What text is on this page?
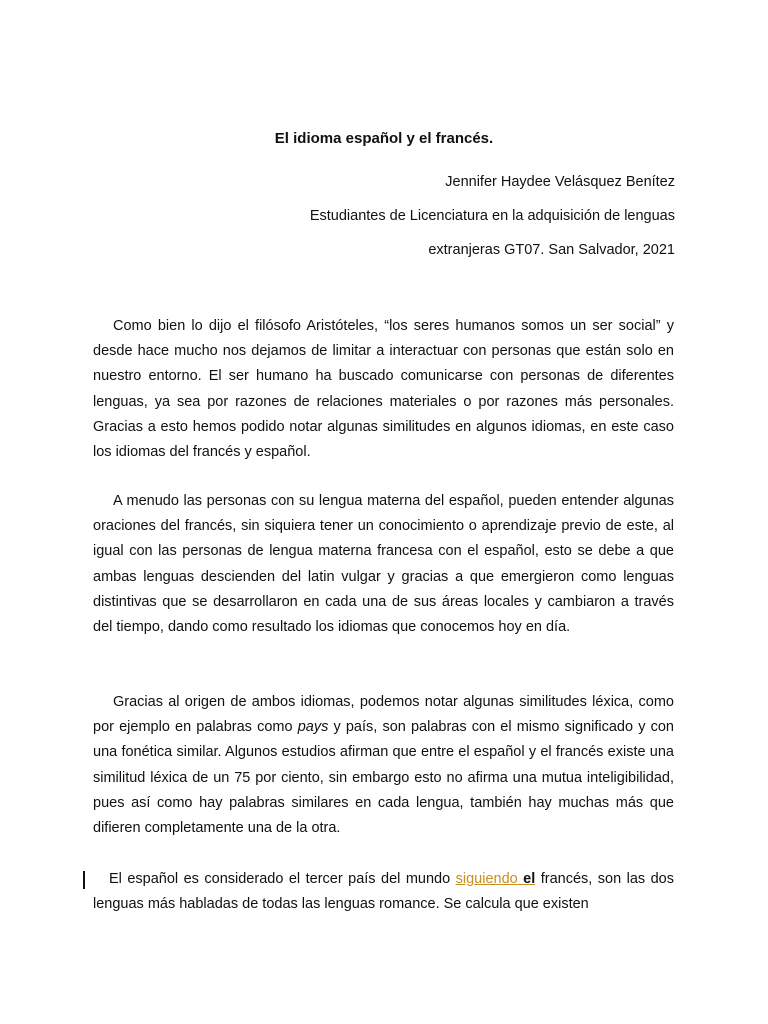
El idioma español y el francés.

Jennifer Haydee Velásquez Benítez

Estudiantes de Licenciatura en la adquisición de lenguas

extranjeras GT07. San Salvador, 2021

Como bien lo dijo el filósofo Aristóteles, “los seres humanos somos un ser social” y desde hace mucho nos dejamos de limitar a interactuar con personas que están solo en nuestro entorno. El ser humano ha buscado comunicarse con personas de diferentes lenguas, ya sea por razones de relaciones materiales o por razones más personales. Gracias a esto hemos podido notar algunas similitudes en algunos idiomas, en este caso los idiomas del francés y español.

A menudo las personas con su lengua materna del español, pueden entender algunas oraciones del francés, sin siquiera tener un conocimiento o aprendizaje previo de este, al igual con las personas de lengua materna francesa con el español, esto se debe a que ambas lenguas descienden del latin vulgar y gracias a que emergieron como lenguas distintivas que se desarrollaron en cada una de sus áreas locales y cambiaron a través del tiempo, dando como resultado los idiomas que conocemos hoy en día.

Gracias al origen de ambos idiomas, podemos notar algunas similitudes léxica, como por ejemplo en palabras como pays y país, son palabras con el mismo significado y con una fonética similar. Algunos estudios afirman que entre el español y el francés existe una similitud léxica de un 75 por ciento, sin embargo esto no afirma una mutua inteligibilidad, pues así como hay palabras similares en cada lengua, también hay muchas más que difieren completamente una de la otra.

El español es considerado el tercer país del mundo siguiendo el francés, son las dos lenguas más habladas de todas las lenguas romance. Se calcula que existen
